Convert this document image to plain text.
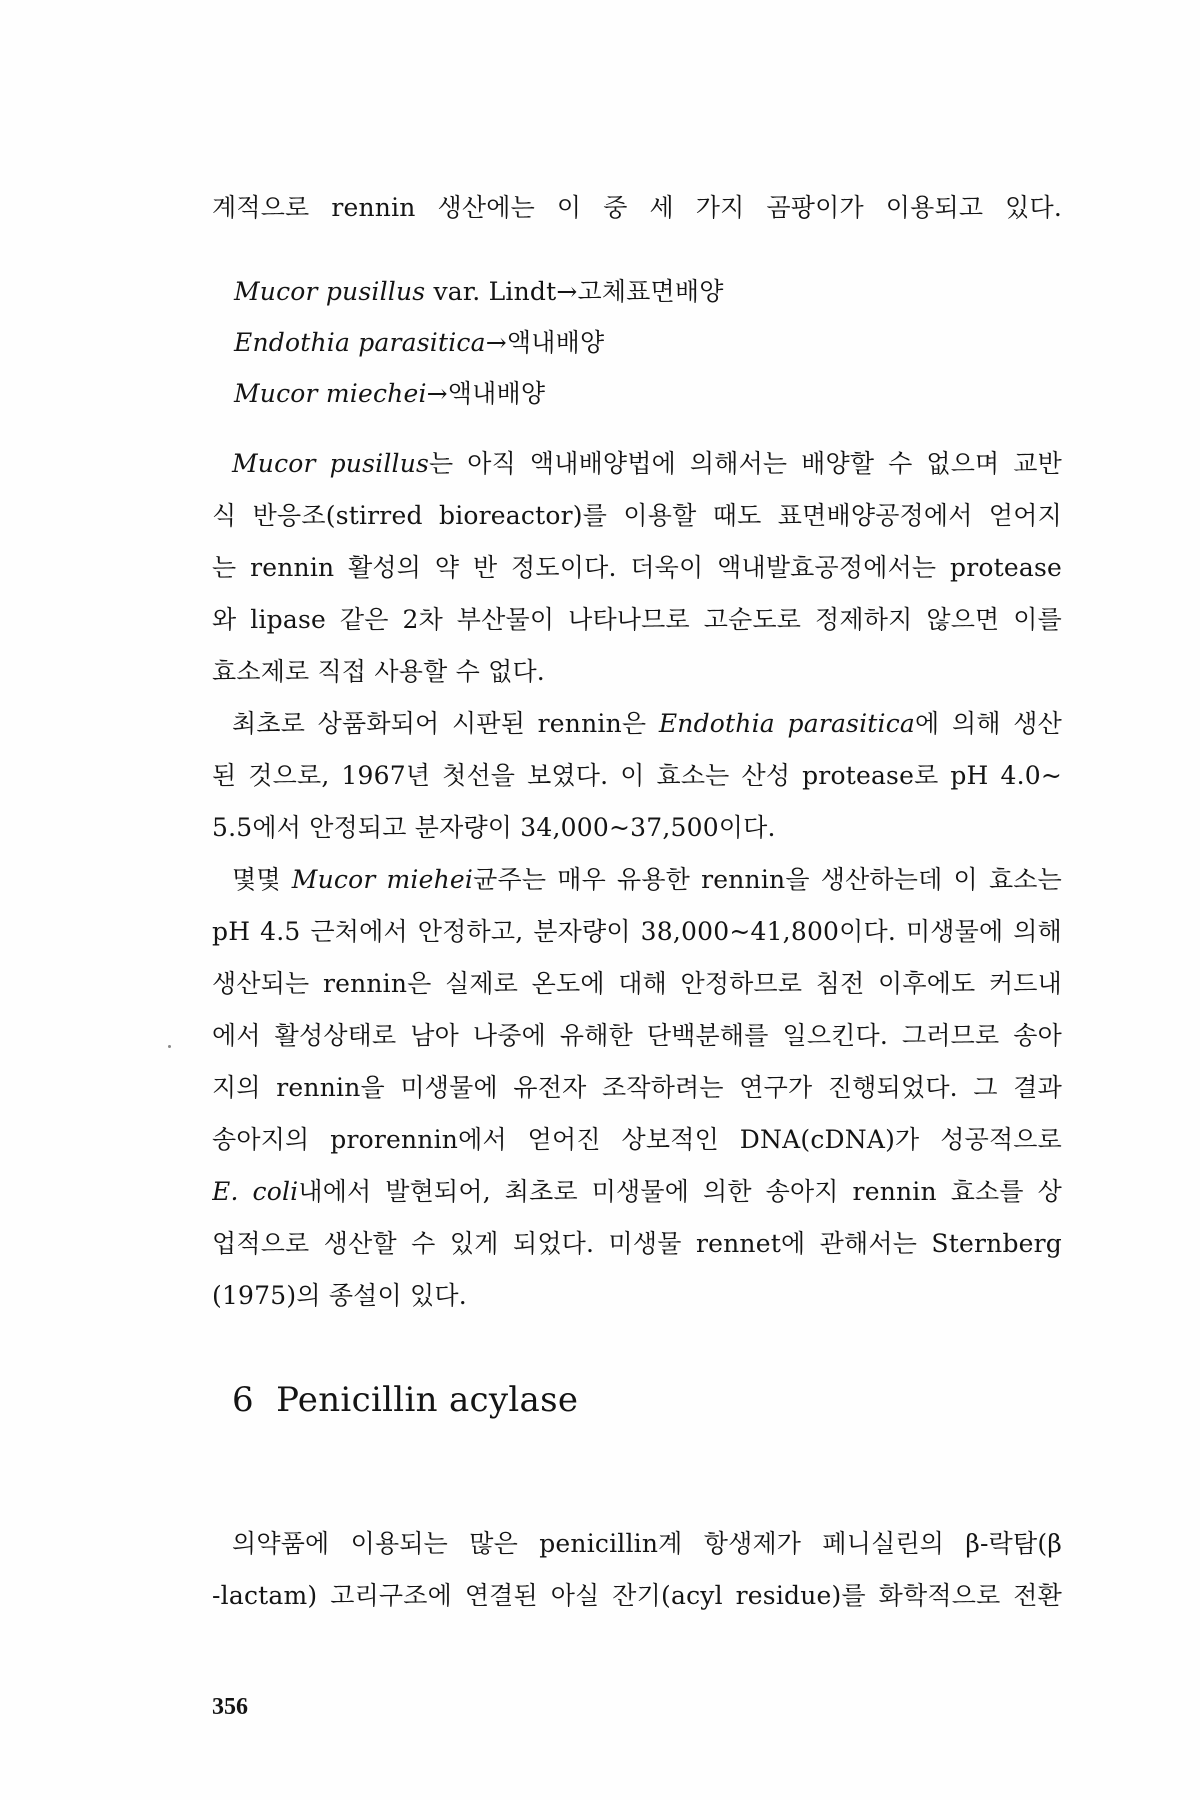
계적으로 rennin 생산에는 이 중 세 가지 곰팡이가 이용되고 있다.
Mucor pusillus var. Lindt→고체표면배양
Endothia parasitica→액내배양
Mucor miechei→액내배양
Mucor pusillus는 아직 액내배양법에 의해서는 배양할 수 없으며 교반
식 반응조(stirred bioreactor)를 이용할 때도 표면배양공정에서 얻어지
는 rennin 활성의 약 반 정도이다. 더욱이 액내발효공정에서는 protease
와 lipase 같은 2차 부산물이 나타나므로 고순도로 정제하지 않으면 이를
효소제로 직접 사용할 수 없다.
최초로 상품화되어 시판된 rennin은 Endothia parasitica에 의해 생산
된 것으로, 1967년 첫선을 보였다. 이 효소는 산성 protease로 pH 4.0~
5.5에서 안정되고 분자량이 34,000~37,500이다.
몇몇 Mucor miehei균주는 매우 유용한 rennin을 생산하는데 이 효소는
pH 4.5 근처에서 안정하고, 분자량이 38,000~41,800이다. 미생물에 의해
생산되는 rennin은 실제로 온도에 대해 안정하므로 침전 이후에도 커드내
에서 활성상태로 남아 나중에 유해한 단백분해를 일으킨다. 그러므로 송아
지의 rennin을 미생물에 유전자 조작하려는 연구가 진행되었다. 그 결과
송아지의 prorennin에서 얻어진 상보적인 DNA(cDNA)가 성공적으로
E. coli내에서 발현되어, 최초로 미생물에 의한 송아지 rennin 효소를 상
업적으로 생산할 수 있게 되었다. 미생물 rennet에 관해서는 Sternberg
(1975)의 종설이 있다.
6 Penicillin acylase
의약품에 이용되는 많은 penicillin계 항생제가 페니실린의 β-락탐(β
-lactam) 고리구조에 연결된 아실 잔기(acyl residue)를 화학적으로 전환
356
